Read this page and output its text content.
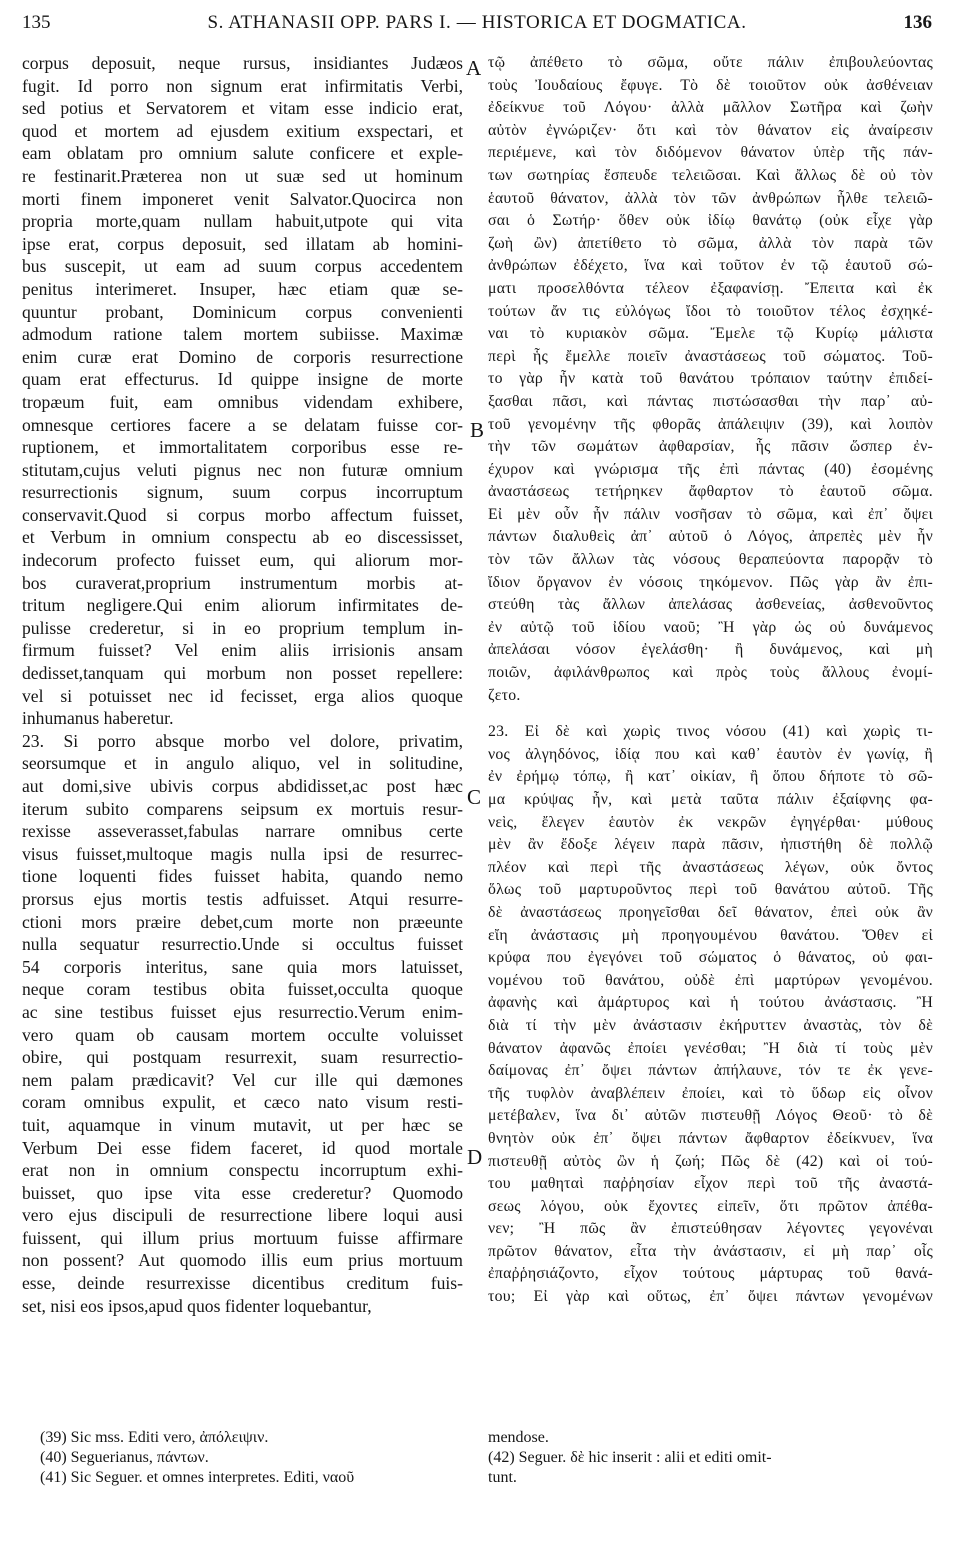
135	S. ATHANASII OPP. PARS I. — HISTORICA ET DOGMATICA.	136
corpus deposuit, neque rursus, insidiantes Judæos
fugit. Id porro non signum erat infirmitatis Verbi,
sed potius et Servatorem et vitam esse indicio erat,
quod et mortem ad ejusdem exitium exspectari, et
eam oblatam pro omnium salute conficere et exple-
re festinarit.Præterea non ut suæ sed ut hominum
morti finem imponeret venit Salvator.Quocirca non
propria morte,quam nullam habuit,utpote qui vita
ipse erat, corpus deposuit, sed illatam ab homini-
bus suscepit, ut eam ad suum corpus accedentem
penitus interimeret. Insuper, hæc etiam quæ se-
quuntur probant, Dominicum corpus convenienti
admodum ratione talem mortem subiisse. Maximæ
enim curæ erat Domino de corporis resurrectione
quam erat effecturus. Id quippe insigne de morte
tropæum fuit, eam omnibus videndam exhibere,
omnesque certiores facere a se delatam fuisse cor-
ruptionem, et immortalitatem corporibus esse re-
stitutam,cujus veluti pignus nec non futuræ omnium
resurrectionis signum, suum corpus incorruptum
conservavit.Quod si corpus morbo affectum fuisset,
et Verbum in omnium conspectu ab eo discessisset,
indecorum profecto fuisset eum, qui aliorum mor-
bos curaverat,proprium instrumentum morbis at-
tritum negligere.Qui enim aliorum infirmitates de-
pulisse crederetur, si in eo proprium templum in-
firmum fuisset? Vel enim aliis irrisionis ansam
dedisset,tanquam qui morbum non posset repellere:
vel si potuisset nec id fecisset, erga alios quoque
inhumanus haberetur.
23. Si porro absque morbo vel dolore, privatim,
seorsumque et in angulo aliquo, vel in solitudine,
aut domi,sive ubivis corpus abdidisset,ac post hæc
iterum subito comparens seipsum ex mortuis resur-
rexisse asseverasset,fabulas narrare omnibus certe
visus fuisset,multoque magis nulla ipsi de resurrec-
tione loquenti fides fuisset habita, quando nemo
prorsus ejus mortis testis adfuisset. Atqui resurre-
ctioni mors præire debet,cum morte non præeunte
nulla sequatur resurrectio.Unde si occultus fuisset
54 corporis interitus, sane quia mors latuisset,
neque coram testibus obita fuisset,occulta quoque
ac sine testibus fuisset ejus resurrectio.Verum enim-
vero quam ob causam mortem occulte voluisset
obire, qui postquam resurrexit, suam resurrectio-
nem palam prædicavit? Vel cur ille qui dæmones
coram omnibus expulit, et cæco nato visum resti-
tuit, aquamque in vinum mutavit, ut per hæc se
Verbum Dei esse fidem faceret, id quod mortale
erat non in omnium conspectu incorruptum exhi-
buisset, quo ipse vita esse crederetur? Quomodo
vero ejus discipuli de resurrectione libere loqui ausi
fuissent, qui illum prius mortuum fuisse affirmare
non possent? Aut quomodo illis eum prius mortuum
esse, deinde resurrexisse dicentibus creditum fuis-
set, nisi eos ipsos,apud quos fidenter loquebantur,
τῷ ἀπέθετο τὸ σῶμα, οὔτε πάλιν ἐπιβουλεύοντας
τοὺς Ἰουδαίους ἔφυγε. Τὸ δὲ τοιοῦτον οὐκ ἀσθένειαν
ἐδείκνυε τοῦ Λόγου· ἀλλὰ μᾶλλον Σωτῆρα καὶ ζωὴν
αὐτὸν ἐγνώριζεν· ὅτι καὶ τὸν θάνατον εἰς ἀναίρεσιν
περιέμενε, καὶ τὸν διδόμενον θάνατον ὑπὲρ τῆς πάν-
των σωτηρίας ἔσπευδε τελειῶσαι. Καὶ ἄλλως δὲ οὐ τὸν
ἑαυτοῦ θάνατον, ἀλλὰ τὸν τῶν ἀνθρώπων ἦλθε τελειῶ-
σαι ὁ Σωτήρ· ὅθεν οὐκ ἰδίῳ θανάτῳ (οὐκ εἶχε γὰρ
ζωὴ ὢν) ἀπετίθετο τὸ σῶμα, ἀλλὰ τὸν παρὰ τῶν
ἀνθρώπων ἐδέχετο, ἵνα καὶ τοῦτον ἐν τῷ ἑαυτοῦ σώ-
ματι προσελθόντα τέλεον ἐξαφανίσῃ. Ἔπειτα καὶ ἐκ
τούτων ἄν τις εὐλόγως ἴδοι τὸ τοιοῦτον τέλος ἐσχηκέ-
ναι τὸ κυριακὸν σῶμα. Ἔμελε τῷ Κυρίῳ μάλιστα
περὶ ἧς ἔμελλε ποιεῖν ἀναστάσεως τοῦ σώματος. Τοῦ-
το γὰρ ἦν κατὰ τοῦ θανάτου τρόπαιον ταύτην ἐπιδεί-
ξασθαι πᾶσι, καὶ πάντας πιστώσασθαι τὴν παρ᾽ αὐ-
τοῦ γενομένην τῆς φθορᾶς ἀπάλειψιν (39), καὶ λοιπὸν
τὴν τῶν σωμάτων ἀφθαρσίαν, ἧς πᾶσιν ὥσπερ ἐν-
έχυρον καὶ γνώρισμα τῆς ἐπὶ πάντας (40) ἐσομένης
ἀναστάσεως τετήρηκεν ἄφθαρτον τὸ ἑαυτοῦ σῶμα.
Εἰ μὲν οὖν ἦν πάλιν νοσῆσαν τὸ σῶμα, καὶ ἐπ᾽ ὄψει
πάντων διαλυθεὶς ἀπ᾽ αὐτοῦ ὁ Λόγος, ἀπρεπὲς μὲν ἦν
τὸν τῶν ἄλλων τὰς νόσους θεραπεύοντα παρορᾷν τὸ
ἴδιον ὄργανον ἐν νόσοις τηκόμενον. Πῶς γὰρ ἂν ἐπι-
στεύθη τὰς ἄλλων ἀπελάσας ἀσθενείας, ἀσθενοῦντος
ἐν αὐτῷ τοῦ ἰδίου ναοῦ; Ἢ γὰρ ὡς οὐ δυνάμενος
ἀπελάσαι νόσον ἐγελάσθη· ἢ δυνάμενος, καὶ μὴ
ποιῶν, ἀφιλάνθρωπος καὶ πρὸς τοὺς ἄλλους ἐνομί-
ζετο.
23. Εἰ δὲ καὶ χωρὶς τινος νόσου (41) καὶ χωρὶς τι-
νος ἀλγηδόνος, ἰδίᾳ που καὶ καθ᾽ ἑαυτὸν ἐν γωνίᾳ, ἢ
ἐν ἐρήμῳ τόπῳ, ἢ κατ᾽ οἰκίαν, ἢ ὅπου δήποτε τὸ σῶ-
μα κρύψας ἦν, καὶ μετὰ ταῦτα πάλιν ἐξαίφνης φα-
νεὶς, ἔλεγεν ἑαυτὸν ἐκ νεκρῶν ἐγηγέρθαι· μύθους
μὲν ἂν ἔδοξε λέγειν παρὰ πᾶσιν, ἠπιστήθη δὲ πολλῷ
πλέον καὶ περὶ τῆς ἀναστάσεως λέγων, οὐκ ὄντος
ὅλως τοῦ μαρτυροῦντος περὶ τοῦ θανάτου αὐτοῦ. Τῆς
δὲ ἀναστάσεως προηγεῖσθαι δεῖ θάνατον, ἐπεὶ οὐκ ἂν
εἴη ἀνάστασις μὴ προηγουμένου θανάτου. Ὅθεν εἰ
κρύφα που ἐγεγόνει τοῦ σώματος ὁ θάνατος, οὐ φαι-
νομένου τοῦ θανάτου, οὐδὲ ἐπὶ μαρτύρων γενομένου.
ἀφανὴς καὶ ἀμάρτυρος καὶ ἡ τούτου ἀνάστασις. Ἢ
διὰ τί τὴν μὲν ἀνάστασιν ἐκήρυττεν ἀναστὰς, τὸν δὲ
θάνατον ἀφανῶς ἐποίει γενέσθαι; Ἢ διὰ τί τοὺς μὲν
δαίμονας ἐπ᾽ ὄψει πάντων ἀπήλαυνε, τόν τε ἐκ γενε-
τῆς τυφλὸν ἀναβλέπειν ἐποίει, καὶ τὸ ὕδωρ εἰς οἶνον
μετέβαλεν, ἵνα δι᾽ αὐτῶν πιστευθῇ Λόγος Θεοῦ· τὸ δὲ
θνητὸν οὐκ ἐπ᾽ ὄψει πάντων ἄφθαρτον ἐδείκνυεν, ἵνα
πιστευθῇ αὐτὸς ὢν ἡ ζωή; Πῶς δὲ (42) καὶ οἱ τού-
του μαθηταὶ παῤῥησίαν εἶχον περὶ τοῦ τῆς ἀναστά-
σεως λόγου, οὐκ ἔχοντες εἰπεῖν, ὅτι πρῶτον ἀπέθα-
νεν; Ἢ πῶς ἂν ἐπιστεύθησαν λέγοντες γεγονέναι
πρῶτον θάνατον, εἶτα τὴν ἀνάστασιν, εἰ μὴ παρ᾽ οἷς
ἐπαῤῥησιάζοντο, εἶχον τούτους μάρτυρας τοῦ θανά-
του; Εἰ γὰρ καὶ οὕτως, ἐπ᾽ ὄψει πάντων γενομένων
A
B
C
D
(39) Sic mss. Editi vero, ἀπόλειψιν.
(40) Seguerianus, πάντων.
(41) Sic Seguer. et omnes interpretes. Editi, ναοῦ
mendose.
(42) Seguer. δὲ hic inserit : alii et editi omit-
tunt.
